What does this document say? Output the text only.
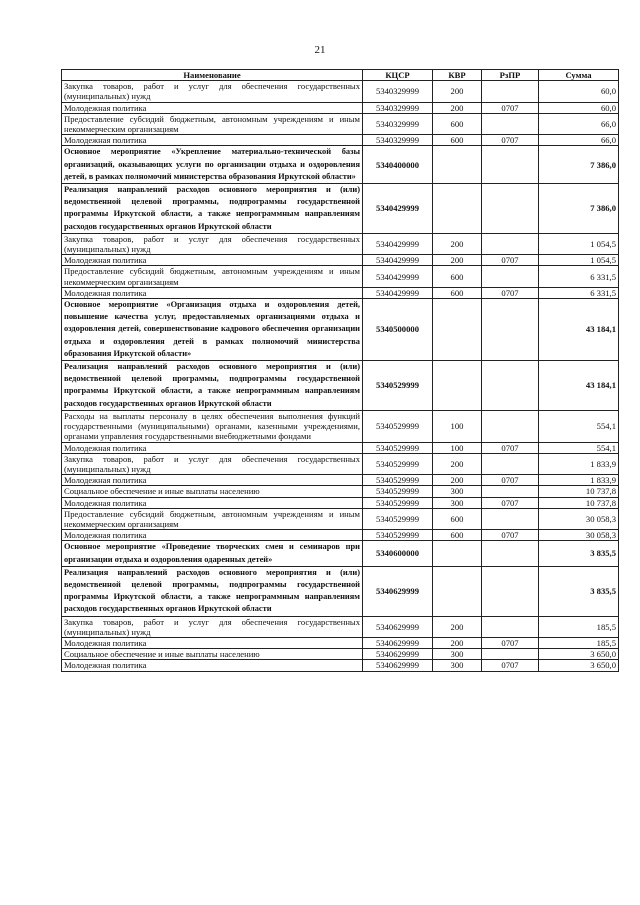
21
Наименование	КЦСР	КВР	РзПР	Сумма
Закупка товаров, работ и услуг для обеспечения государственных (муниципальных) нужд	5340329999	200		60,0
Молодежная политика	5340329999	200	0707	60,0
Предоставление субсидий бюджетным, автономным учреждениям и иным некоммерческим организациям	5340329999	600		66,0
Молодежная политика	5340329999	600	0707	66,0
Основное мероприятие «Укрепление материально-технической базы организаций, оказывающих услуги по организации отдыха и оздоровления детей, в рамках полномочий министерства образования Иркутской области»	5340400000			7 386,0
Реализация направлений расходов основного мероприятия и (или) ведомственной целевой программы, подпрограммы государственной программы Иркутской области, а также непрограммным направлениям расходов государственных органов Иркутской области	5340429999			7 386,0
Закупка товаров, работ и услуг для обеспечения государственных (муниципальных) нужд	5340429999	200		1 054,5
Молодежная политика	5340429999	200	0707	1 054,5
Предоставление субсидий бюджетным, автономным учреждениям и иным некоммерческим организациям	5340429999	600		6 331,5
Молодежная политика	5340429999	600	0707	6 331,5
Основное мероприятие «Организация отдыха и оздоровления детей, повышение качества услуг, предоставляемых организациями отдыха и оздоровления детей, совершенствование кадрового обеспечения организации отдыха и оздоровления детей в рамках полномочий министерства образования Иркутской области»	5340500000			43 184,1
Реализация направлений расходов основного мероприятия и (или) ведомственной целевой программы, подпрограммы государственной программы Иркутской области, а также непрограммным направлениям расходов государственных органов Иркутской области	5340529999			43 184,1
Расходы на выплаты персоналу в целях обеспечения выполнения функций государственными (муниципальными) органами, казенными учреждениями, органами управления государственными внебюджетными фондами	5340529999	100		554,1
Молодежная политика	5340529999	100	0707	554,1
Закупка товаров, работ и услуг для обеспечения государственных (муниципальных) нужд	5340529999	200		1 833,9
Молодежная политика	5340529999	200	0707	1 833,9
Социальное обеспечение и иные выплаты населению	5340529999	300		10 737,8
Молодежная политика	5340529999	300	0707	10 737,8
Предоставление субсидий бюджетным, автономным учреждениям и иным некоммерческим организациям	5340529999	600		30 058,3
Молодежная политика	5340529999	600	0707	30 058,3
Основное мероприятие «Проведение творческих смен и семинаров при организации отдыха и оздоровления одаренных детей»	5340600000			3 835,5
Реализация направлений расходов основного мероприятия и (или) ведомственной целевой программы, подпрограммы государственной программы Иркутской области, а также непрограммным направлениям расходов государственных органов Иркутской области	5340629999			3 835,5
Закупка товаров, работ и услуг для обеспечения государственных (муниципальных) нужд	5340629999	200		185,5
Молодежная политика	5340629999	200	0707	185,5
Социальное обеспечение и иные выплаты населению	5340629999	300		3 650,0
Молодежная политика	5340629999	300	0707	3 650,0
